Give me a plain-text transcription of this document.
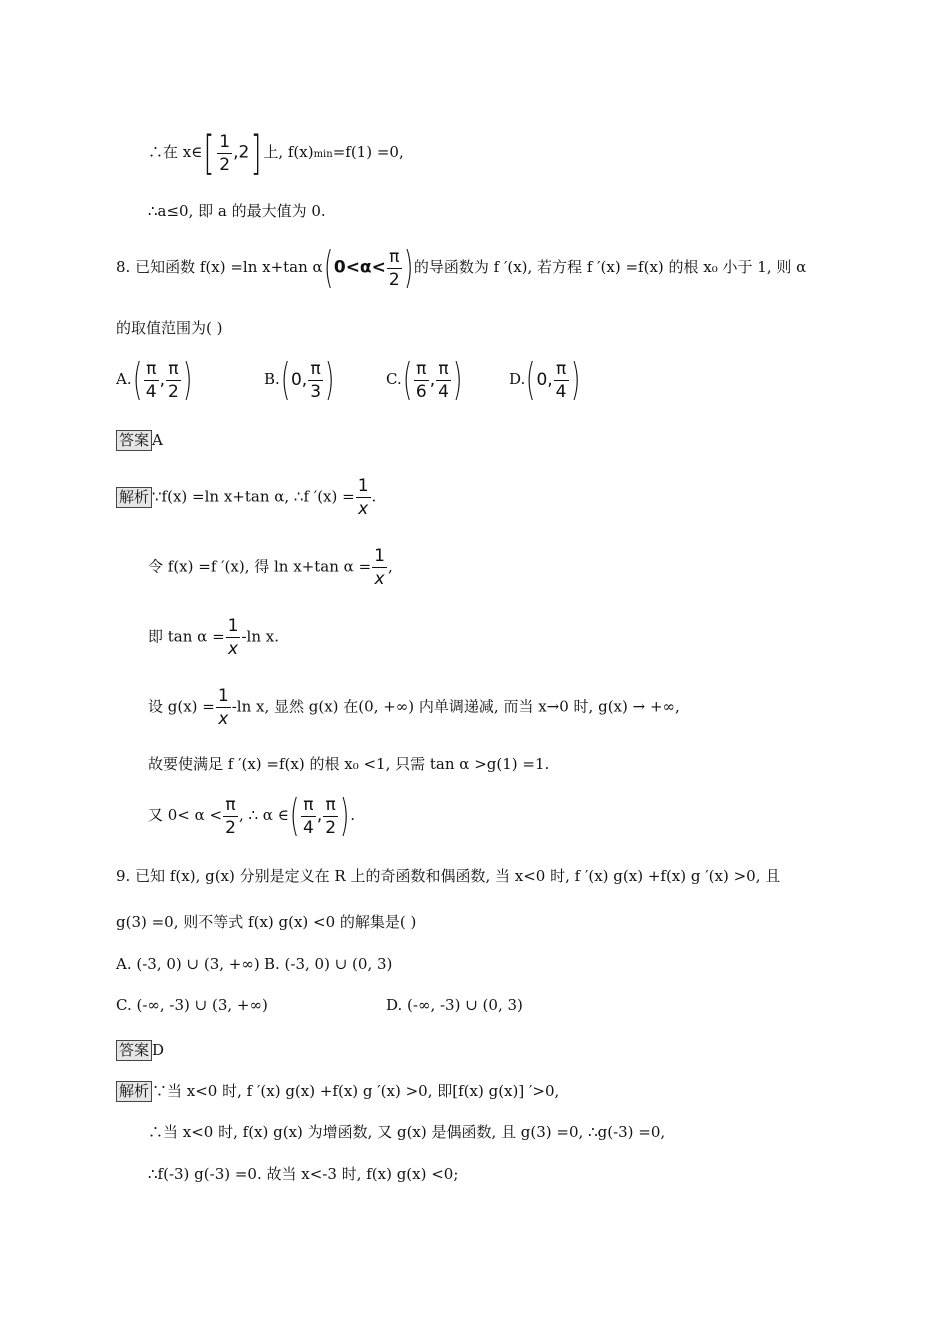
∴在 x∈[ $\frac{1}{2} ,2$] 上, f(x)min=f(1) =0,
∴a≤0, 即 a 的最大值为 0.
8. 已知函数 f(x) =ln x+tan $\alpha(0<\alpha< \frac{\pi}{2}$ )的导函数为 f ′(x), 若方程 f ′(x) =f(x) 的根 x₀ 小于 1, 则 α
的取值范围为( )
$A.( \frac{\pi}{4}$ , $\frac{\pi}{2}$ )	B.(0, $\frac{\pi}{3}$ )	$C.( \frac{\pi}{6}$ , $\frac{\pi}{4}$ )	D.(0, $\frac{\pi}{4}$ )
答案 A
解析 ∵f(x) =ln x+tan α, ∴f $'(x) = \frac{1}{x}$ .
令 f(x) =f ′(x), 得 ln x+tan $\alpha = \frac{1}{x}$ ,
即 $\tan \alpha = \frac{1}{x} -\ln$ x.
设 $g(x) = \frac{1}{x} -\ln$ x, 显然 g(x) 在(0, +∞) 内单调递减, 而当 x→0 时, g(x) → +∞,
故要使满足 f ′(x) =f(x) 的根 x₀ <1, 只需 tan α >g(1) =1.
又 $0< \alpha < \frac{\pi}{2}$ , ∴ α ∈( $\frac{\pi}{4}$ , $\frac{\pi}{2}$ ).
9. 已知 f(x), g(x) 分别是定义在 R 上的奇函数和偶函数, 当 x<0 时, f ′(x) g(x) +f(x) g ′(x) >0, 且
g(3) =0, 则不等式 f(x) g(x) <0 的解集是( )
A. (-3, 0) ∪ (3, +∞) B. (-3, 0) ∪ (0, 3)
C. (-∞, -3) ∪ (3, +∞)	D. (-∞, -3) ∪ (0, 3)
答案 D
解析 ∵当 x<0 时, f ′(x) g(x) +f(x) g ′(x) >0, 即[f(x) g(x)] ′>0,
∴当 x<0 时, f(x) g(x) 为增函数, 又 g(x) 是偶函数, 且 g(3) =0, ∴g(-3) =0,
∴f(-3) g(-3) =0. 故当 x<-3 时, f(x) g(x) <0;
